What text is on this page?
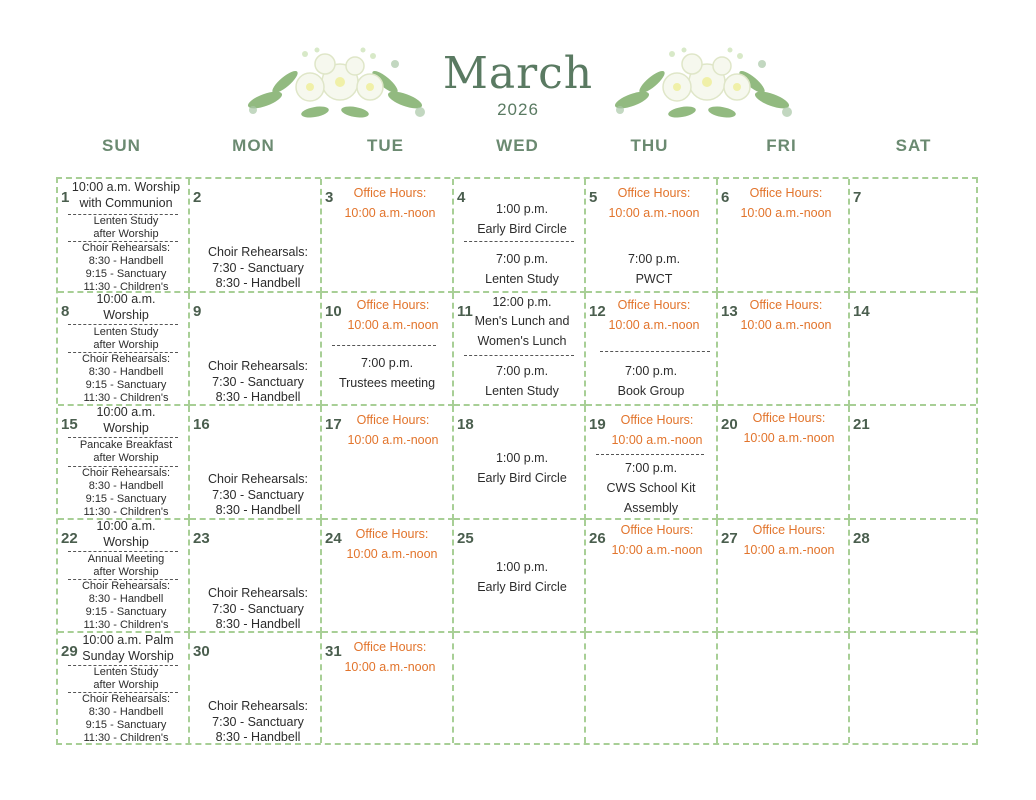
March
2026
SUN	MON	TUE	WED	THU	FRI	SAT
1
10:00 a.m. Worship
with Communion
Lenten Study
after Worship
Choir Rehearsals:
8:30 - Handbell
9:15 - Sanctuary
11:30 - Children's
2
Choir Rehearsals:
7:30 - Sanctuary
8:30 - Handbell
3	Office Hours:
10:00 a.m.-noon
4
1:00 p.m.
Early Bird Circle
7:00 p.m.
Lenten Study
5	Office Hours:
10:00 a.m.-noon
7:00 p.m.
PWCT
6	Office Hours:
10:00 a.m.-noon
7
8
10:00 a.m.
Worship
Lenten Study
after Worship
Choir Rehearsals:
8:30 - Handbell
9:15 - Sanctuary
11:30 - Children's
9
Choir Rehearsals:
7:30 - Sanctuary
8:30 - Handbell
10	Office Hours:
10:00 a.m.-noon
7:00 p.m.
Trustees meeting
11
12:00 p.m.
Men's Lunch and
Women's Lunch
7:00 p.m.
Lenten Study
12 Office Hours:
10:00 a.m.-noon
7:00 p.m.
Book Group
13 Office Hours:
10:00 a.m.-noon
14
15
10:00 a.m.
Worship
Pancake Breakfast
after Worship
Choir Rehearsals:
8:30 - Handbell
9:15 - Sanctuary
11:30 - Children's
16
Choir Rehearsals:
7:30 - Sanctuary
8:30 - Handbell
17	Office Hours:
10:00 a.m.-noon
18
1:00 p.m.
Early Bird Circle
19	Office Hours:
10:00 a.m.-noon
7:00 p.m.
CWS School Kit
Assembly
20	Office Hours:
10:00 a.m.-noon
21
22
10:00 a.m.
Worship
Annual Meeting
after Worship
Choir Rehearsals:
8:30 - Handbell
9:15 - Sanctuary
11:30 - Children's
23
Choir Rehearsals:
7:30 - Sanctuary
8:30 - Handbell
24	Office Hours:
10:00 a.m.-noon
25
1:00 p.m.
Early Bird Circle
26	Office Hours:
10:00 a.m.-noon
27	Office Hours:
10:00 a.m.-noon
28
29
10:00 a.m. Palm
Sunday Worship
Lenten Study
after Worship
Choir Rehearsals:
8:30 - Handbell
9:15 - Sanctuary
11:30 - Children's
30
Choir Rehearsals:
7:30 - Sanctuary
8:30 - Handbell
31 Office Hours:
10:00 a.m.-noon
